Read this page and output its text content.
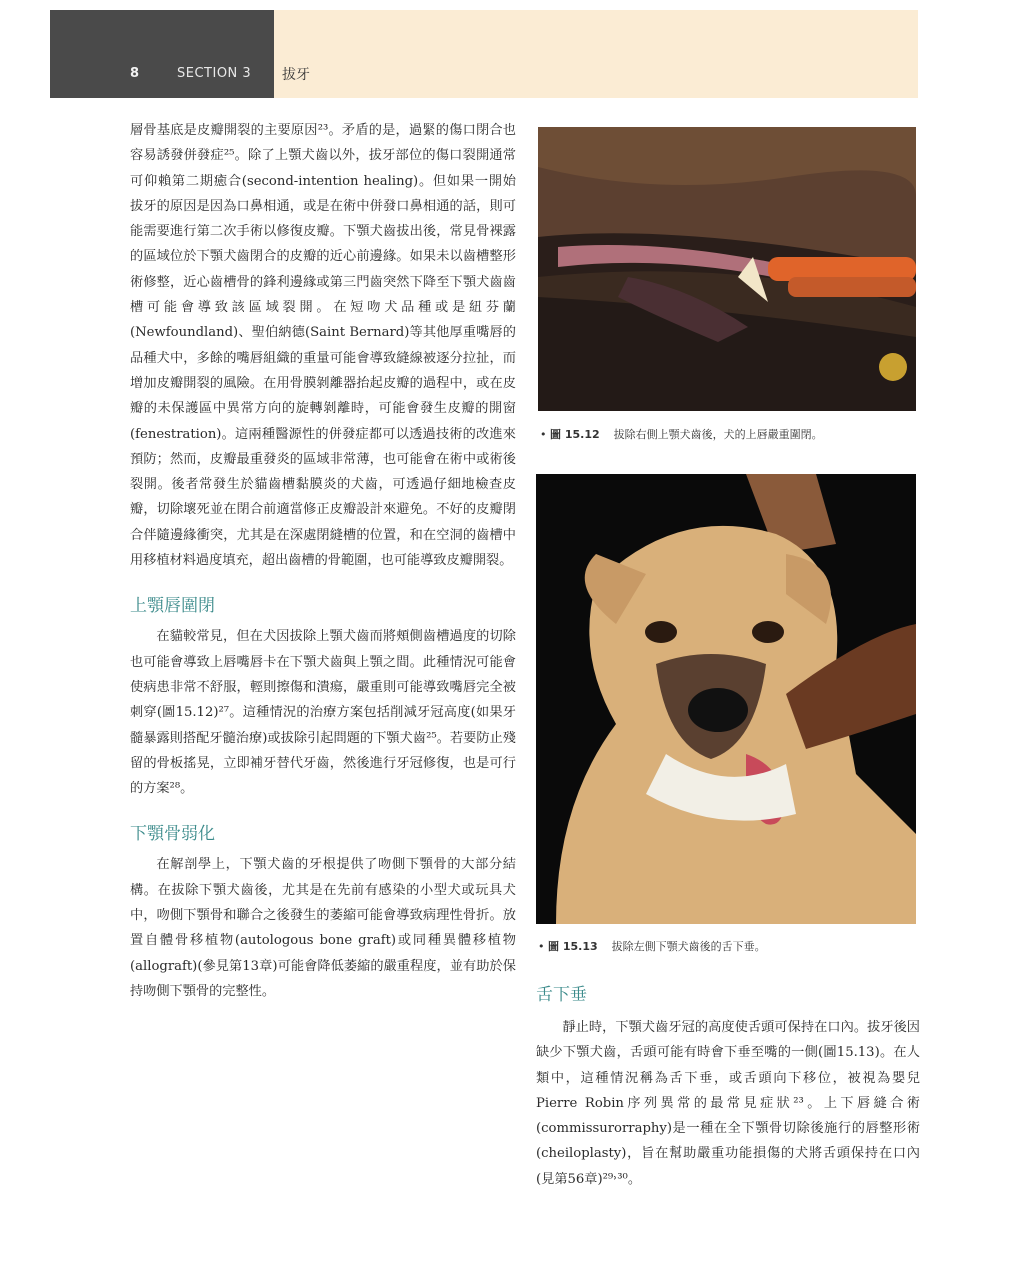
8	SECTION 3 拔牙

層骨基底是皮瓣開裂的主要原因²³。矛盾的是，過緊的傷口閉合也容易誘發併發症²⁵。除了上顎犬齒以外，拔牙部位的傷口裂開通常可仰賴第二期癒合(second-intention healing)。但如果一開始拔牙的原因是因為口鼻相通，或是在術中併發口鼻相通的話，則可能需要進行第二次手術以修復皮瓣。下顎犬齒拔出後，常見骨裸露的區域位於下顎犬齒閉合的皮瓣的近心前邊緣。如果未以齒槽整形術修整，近心齒槽骨的鋒利邊緣或第三門齒突然下降至下顎犬齒齒槽可能會導致該區域裂開。在短吻犬品種或是紐芬蘭(Newfoundland)、聖伯納德(Saint Bernard)等其他厚重嘴唇的品種犬中，多餘的嘴唇組織的重量可能會導致縫線被逐分拉扯，而增加皮瓣開裂的風險。在用骨膜剝離器抬起皮瓣的過程中，或在皮瓣的未保護區中異常方向的旋轉剝離時，可能會發生皮瓣的開窗(fenestration)。這兩種醫源性的併發症都可以透過技術的改進來預防；然而，皮瓣最重發炎的區域非常薄，也可能會在術中或術後裂開。後者常發生於貓齒槽黏膜炎的犬齒，可透過仔細地檢查皮瓣，切除壞死並在閉合前適當修正皮瓣設計來避免。不好的皮瓣閉合伴隨邊緣衝突，尤其是在深處閉縫槽的位置，和在空洞的齒槽中用移植材料過度填充，超出齒槽的骨範圍，也可能導致皮瓣開裂。

上顎唇圍閉

在貓較常見，但在犬因拔除上顎犬齒而將頰側齒槽過度的切除也可能會導致上唇嘴唇卡在下顎犬齒與上顎之間。此種情況可能會使病患非常不舒服，輕則擦傷和潰瘍，嚴重則可能導致嘴唇完全被刺穿(圖15.12)²⁷。這種情況的治療方案包括削減牙冠高度(如果牙髓暴露則搭配牙髓治療)或拔除引起問題的下顎犬齒²⁵。若要防止殘留的骨板搖晃，立即補牙替代牙齒，然後進行牙冠修復，也是可行的方案²⁸。

下顎骨弱化

在解剖學上，下顎犬齒的牙根提供了吻側下顎骨的大部分結構。在拔除下顎犬齒後，尤其是在先前有感染的小型犬或玩具犬中，吻側下顎骨和聯合之後發生的萎縮可能會導致病理性骨折。放置自體骨移植物(autologous bone graft)或同種異體移植物(allograft)(參見第13章)可能會降低萎縮的嚴重程度，並有助於保持吻側下顎骨的完整性。

• 圖 15.12 拔除右側上顎犬齒後，犬的上唇嚴重圍閉。
• 圖 15.13 拔除左側下顎犬齒後的舌下垂。
舌下垂

靜止時，下顎犬齒牙冠的高度使舌頭可保持在口內。拔牙後因缺少下顎犬齒，舌頭可能有時會下垂至嘴的一側(圖15.13)。在人類中，這種情況稱為舌下垂，或舌頭向下移位，被視為嬰兒Pierre Robin序列異常的最常見症狀²³。上下唇縫合術(commissurorraphy)是一種在全下顎骨切除後施行的唇整形術(cheiloplasty)，旨在幫助嚴重功能損傷的犬將舌頭保持在口內(見第56章)²⁹˒³⁰。
